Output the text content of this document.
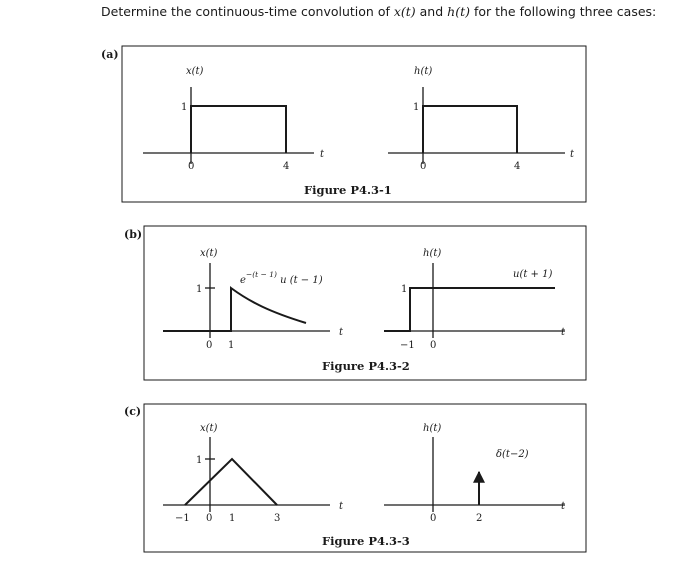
Determine the continuous-time convolution of x(t) and h(t) for the following three cases:
(a)
x(t)
1
0	4
t
h(t)
1
0	4
t
Figure P4.3-1
(b)
x(t)
1
0 1
t
$e^{-(t - 1)}$ u (t − 1)
h(t)
1
−1 0
t
u(t + 1)
Figure P4.3-2
(c)
x(t)
1
−1 0 1	3
t
h(t)
0	2
t
δ(t−2)
Figure P4.3-3
